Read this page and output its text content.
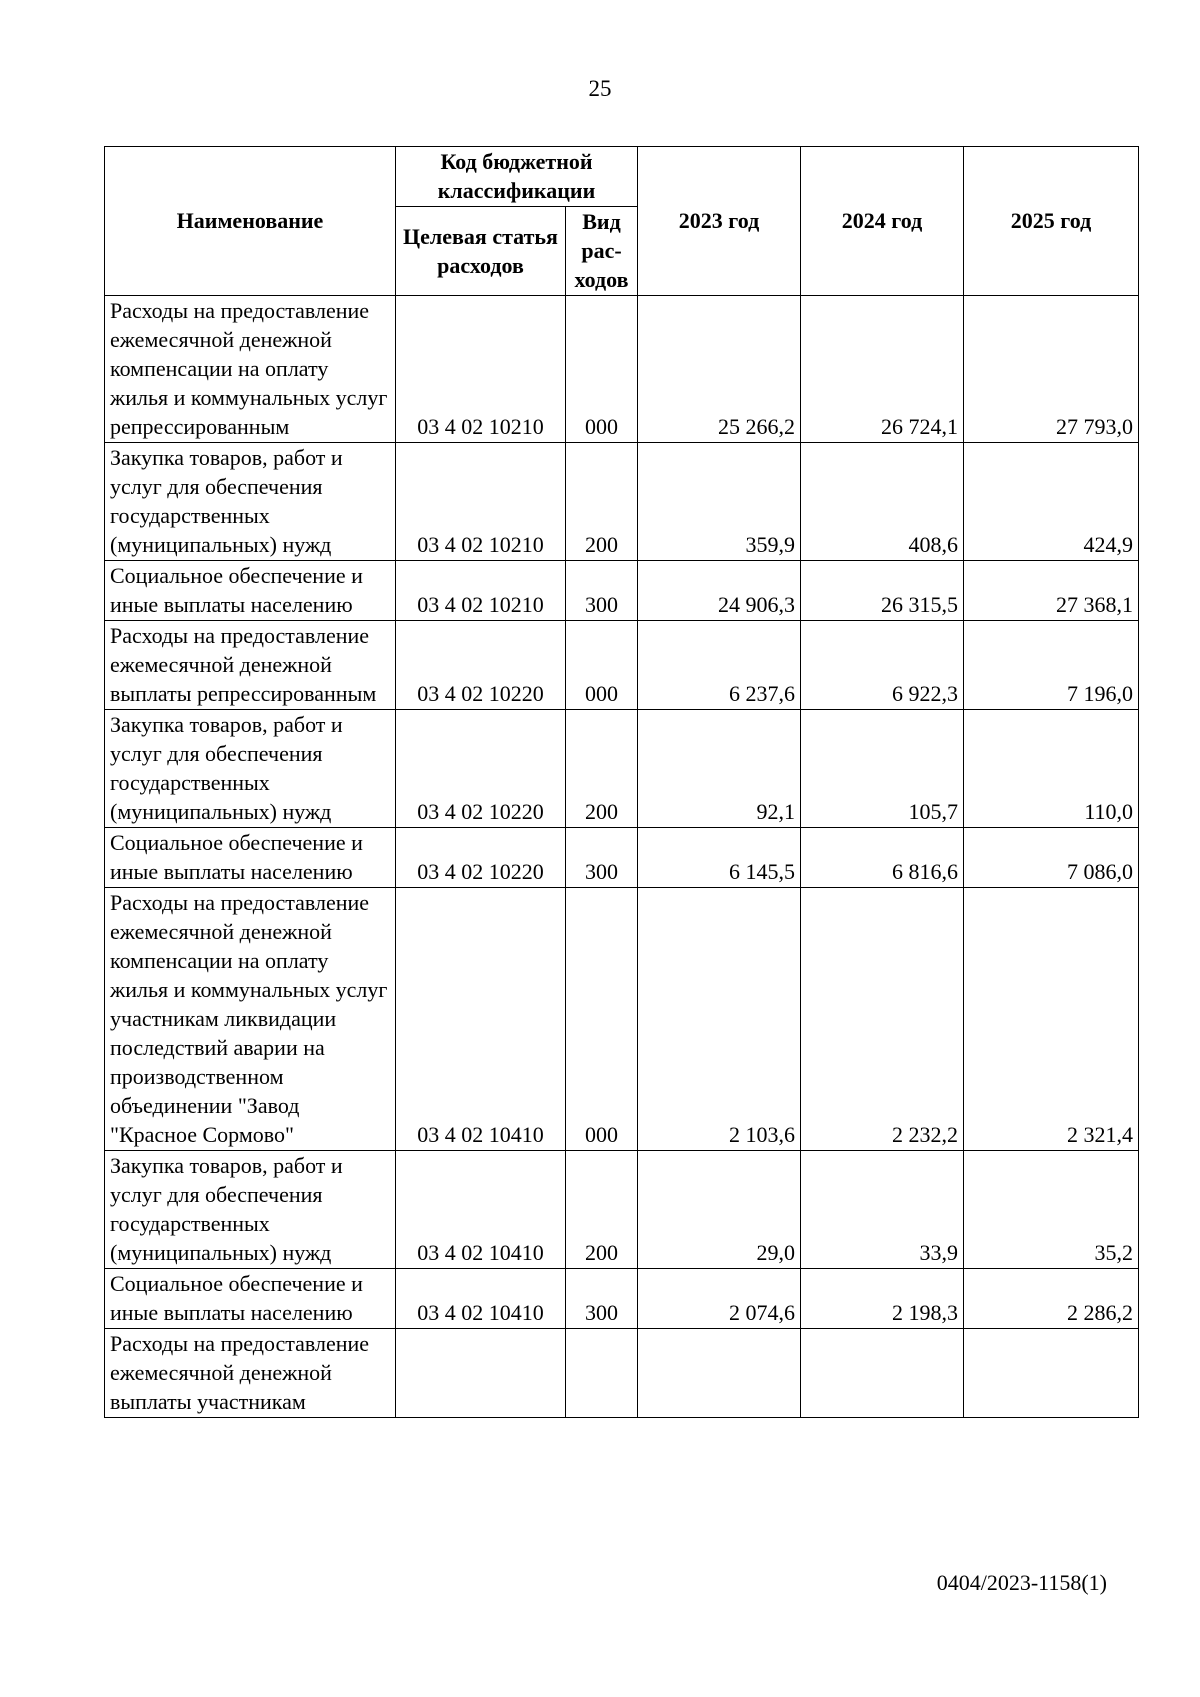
25
Наименование	Код бюджетной классификации		2023 год	2024 год	2025 год
	Целевая статья расходов	Вид рас-ходов			
Расходы на предоставление ежемесячной денежной компенсации на оплату жилья и коммунальных услуг репрессированным	03 4 02 10210	000	25 266,2	26 724,1	27 793,0
Закупка товаров, работ и услуг для обеспечения государственных (муниципальных) нужд	03 4 02 10210	200	359,9	408,6	424,9
Социальное обеспечение и иные выплаты населению	03 4 02 10210	300	24 906,3	26 315,5	27 368,1
Расходы на предоставление ежемесячной денежной выплаты репрессированным	03 4 02 10220	000	6 237,6	6 922,3	7 196,0
Закупка товаров, работ и услуг для обеспечения государственных (муниципальных) нужд	03 4 02 10220	200	92,1	105,7	110,0
Социальное обеспечение и иные выплаты населению	03 4 02 10220	300	6 145,5	6 816,6	7 086,0
Расходы на предоставление ежемесячной денежной компенсации на оплату жилья и коммунальных услуг участникам ликвидации последствий аварии на производственном объединении "Завод "Красное Сормово"	03 4 02 10410	000	2 103,6	2 232,2	2 321,4
Закупка товаров, работ и услуг для обеспечения государственных (муниципальных) нужд	03 4 02 10410	200	29,0	33,9	35,2
Социальное обеспечение и иные выплаты населению	03 4 02 10410	300	2 074,6	2 198,3	2 286,2
Расходы на предоставление ежемесячной денежной выплаты участникам					
0404/2023-1158(1)
